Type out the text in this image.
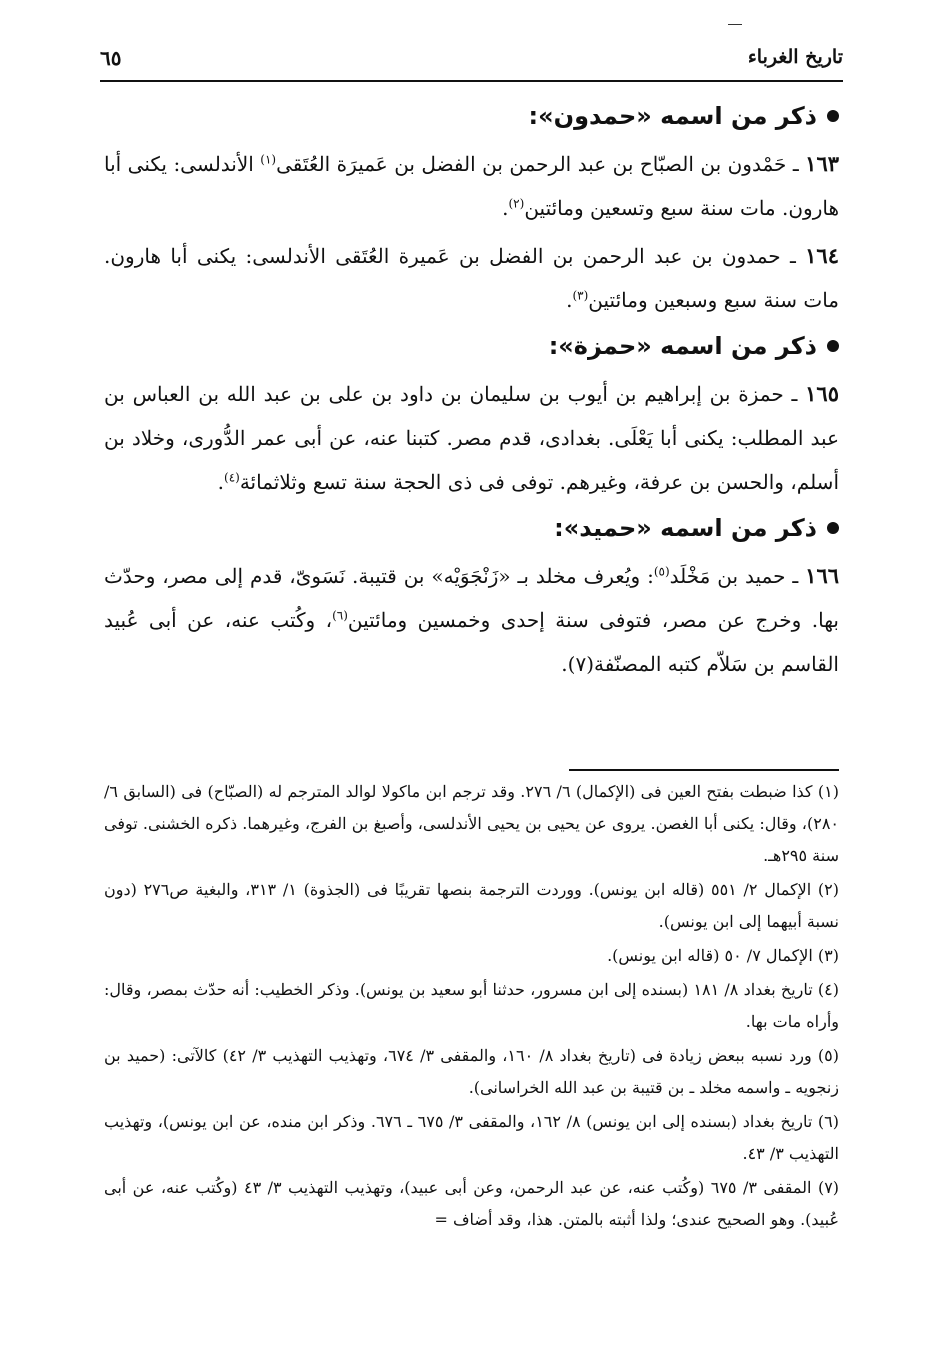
تاريخ الغرباء
٦٥
ذكر من اسمه «حمدون»:

١٦٣ ـ حَمْدون بن الصبّاح بن عبد الرحمن بن الفضل بن عَميرَة العُتَقى$^{(١)}$ الأندلسى: يكنى أبا هارون. مات سنة سبع وتسعين ومائتين$^{(٢)}$.

١٦٤ ـ حمدون بن عبد الرحمن بن الفضل بن عَميرة العُتَقى الأندلسى: يكنى أبا هارون. مات سنة سبع وسبعين ومائتين$^{(٣)}$.

ذكر من اسمه «حمزة»:

١٦٥ ـ حمزة بن إبراهيم بن أيوب بن سليمان بن داود بن على بن عبد الله بن العباس بن عبد المطلب: يكنى أبا يَعْلَى. بغدادى، قدم مصر. كتبنا عنه، عن أبى عمر الدُّورى، وخلاد بن أسلم، والحسن بن عرفة، وغيرهم. توفى فى ذى الحجة سنة تسع وثلاثمائة$^{(٤)}$.

ذكر من اسمه «حميد»:

١٦٦ ـ حميد بن مَخْلَد$^{(٥)}$: ويُعرف مخلد بـ «زَنْجَوَيْه» بن قتيبة. نَسَوىّ، قدم إلى مصر، وحدّث بها. وخرج عن مصر، فتوفى سنة إحدى وخمسين ومائتين$^{(٦)}$، وكُتب عنه، عن أبى عُبيد القاسم بن سَلاّم كتبه المصنّفة(٧).

(١) كذا ضبطت بفتح العين فى (الإكمال) ٦/ ٢٧٦. وقد ترجم ابن ماكولا لوالد المترجم له (الصبّاح) فى (السابق ٦/ ٢٨٠)، وقال: يكنى أبا الغصن. يروى عن يحيى بن يحيى الأندلسى، وأصبغ بن الفرج، وغيرهما. ذكره الخشنى. توفى سنة ٢٩٥هـ.

(٢) الإكمال ٢/ ٥٥١ (قاله ابن يونس). ووردت الترجمة بنصها تقريبًا فى (الجذوة) ١/ ٣١٣، والبغية ص٢٧٦ (دون نسبة أبيهما إلى ابن يونس).

(٣) الإكمال ٧/ ٥٠ (قاله ابن يونس).

(٤) تاريخ بغداد ٨/ ١٨١ (بسنده إلى ابن مسرور، حدثنا أبو سعيد بن يونس). وذكر الخطيب: أنه حدّث بمصر، وقال: وأراه مات بها.

(٥) ورد نسبه ببعض زيادة فى (تاريخ بغداد ٨/ ١٦٠، والمقفى ٣/ ٦٧٤، وتهذيب التهذيب ٣/ ٤٢) كالآتى: (حميد بن زنجويه ـ واسمه مخلد ـ بن قتيبة بن عبد الله الخراسانى).

(٦) تاريخ بغداد (بسنده إلى ابن يونس) ٨/ ١٦٢، والمقفى ٣/ ٦٧٥ ـ ٦٧٦. وذكر ابن منده، عن ابن يونس)، وتهذيب التهذيب ٣/ ٤٣.

(٧) المقفى ٣/ ٦٧٥ (وكُتب عنه، عن عبد الرحمن، وعن أبى عبيد)، وتهذيب التهذيب ٣/ ٤٣ (وكُتب عنه، عن أبى عُبيد). وهو الصحيح عندى؛ ولذا أثبته بالمتن. هذا، وقد أضاف =
